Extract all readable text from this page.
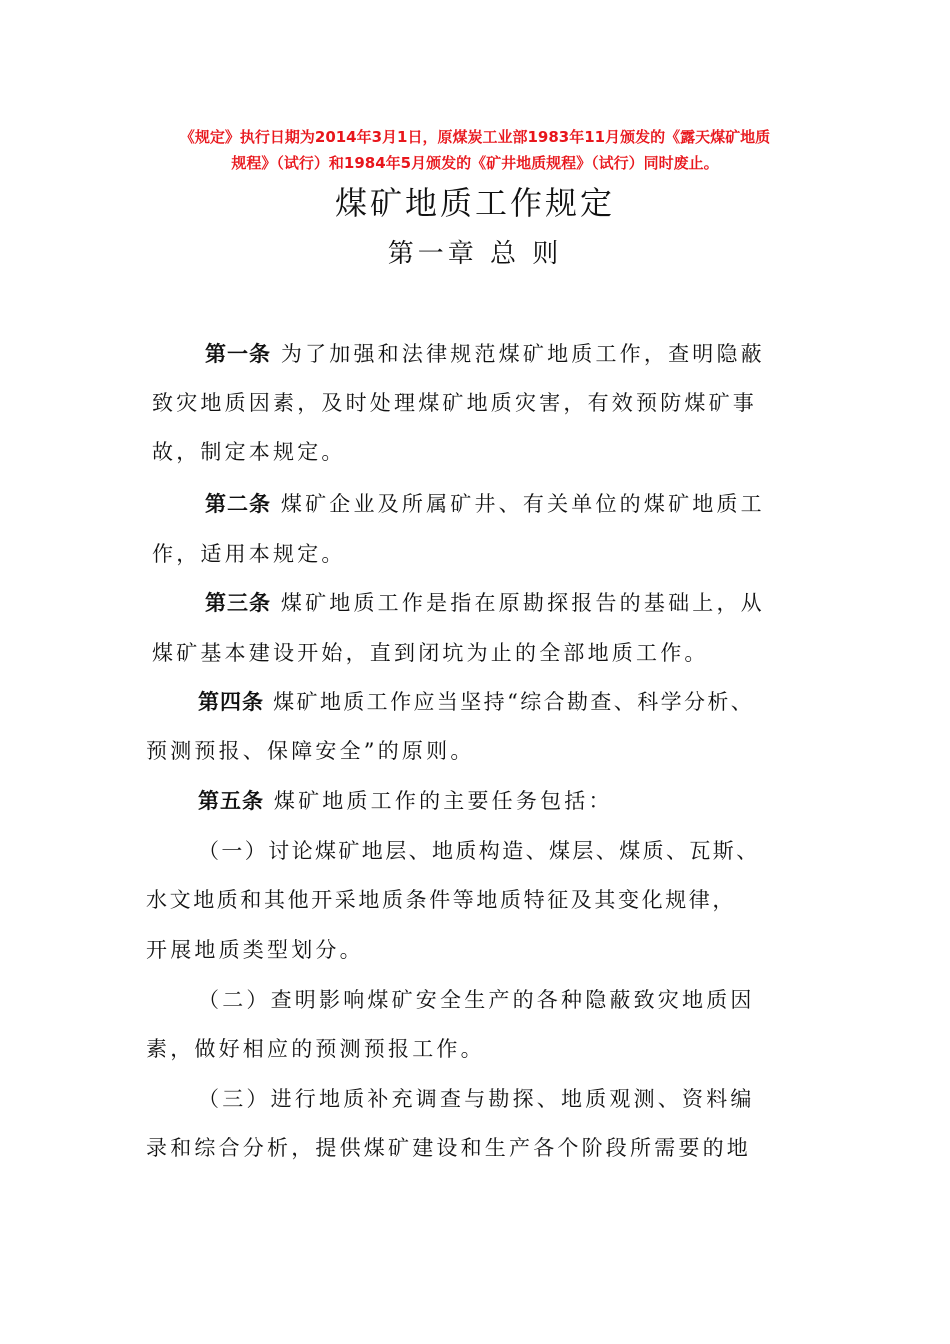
《规定》执行日期为2014年3月1日，原煤炭工业部1983年11月颁发的《露天煤矿地质
规程》（试行）和1984年5月颁发的《矿井地质规程》（试行）同时废止。
煤矿地质工作规定
第一章 总 则
第一条 为了加强和法律规范煤矿地质工作，查明隐蔽
致灾地质因素，及时处理煤矿地质灾害，有效预防煤矿事
故，制定本规定。
第二条 煤矿企业及所属矿井、有关单位的煤矿地质工
作，适用本规定。
第三条 煤矿地质工作是指在原勘探报告的基础上，从
煤矿基本建设开始，直到闭坑为止的全部地质工作。
第四条 煤矿地质工作应当坚持“综合勘查、科学分析、
预测预报、保障安全”的原则。
第五条 煤矿地质工作的主要任务包括：
（一）讨论煤矿地层、地质构造、煤层、煤质、瓦斯、
水文地质和其他开采地质条件等地质特征及其变化规律，
开展地质类型划分。
（二）查明影响煤矿安全生产的各种隐蔽致灾地质因
素，做好相应的预测预报工作。
（三）进行地质补充调查与勘探、地质观测、资料编
录和综合分析，提供煤矿建设和生产各个阶段所需要的地
